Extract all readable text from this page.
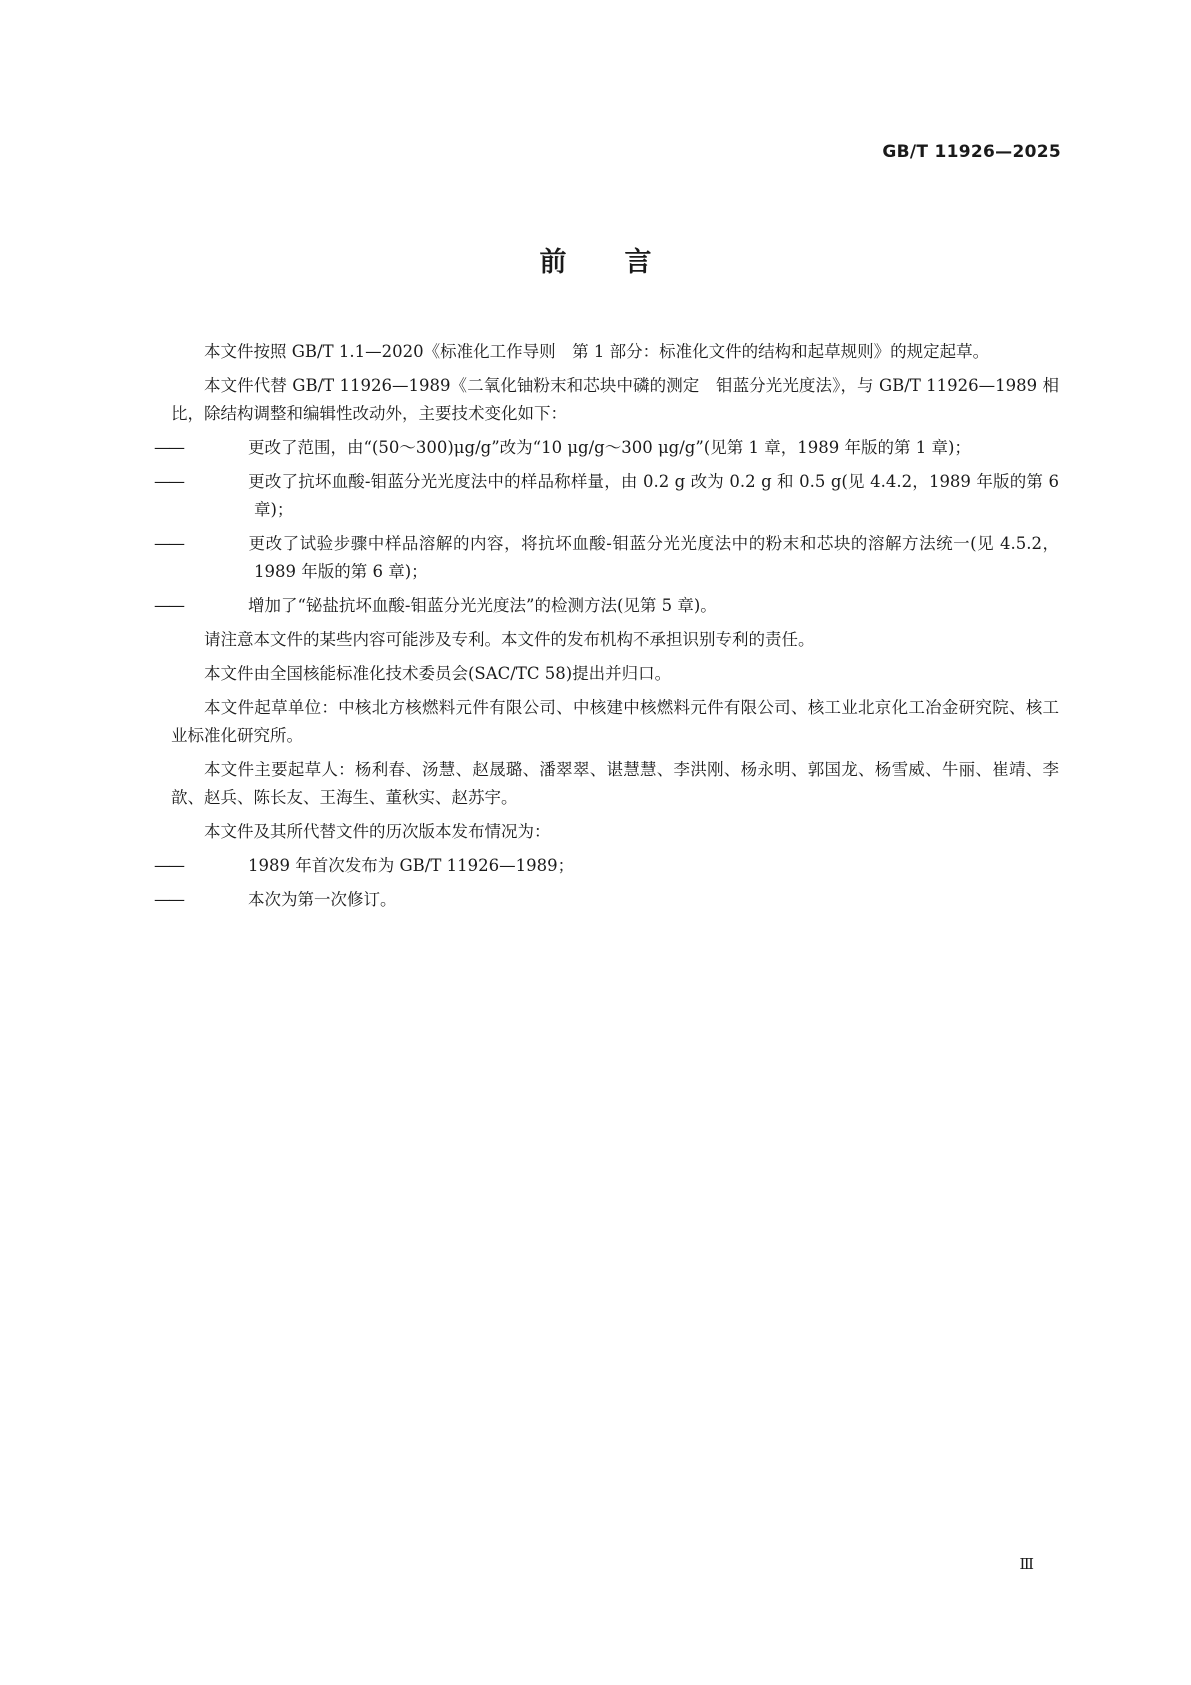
GB/T 11926—2025
前言

本文件按照 GB/T 1.1—2020《标准化工作导则　第 1 部分：标准化文件的结构和起草规则》的规定起草。

本文件代替 GB/T 11926—1989《二氧化铀粉末和芯块中磷的测定　钼蓝分光光度法》，与 GB/T 11926—1989 相比，除结构调整和编辑性改动外，主要技术变化如下：

——	更改了范围，由“(50～300)μg/g”改为“10 μg/g～300 μg/g”(见第 1 章，1989 年版的第 1 章)；

——	更改了抗坏血酸-钼蓝分光光度法中的样品称样量，由 0.2 g 改为 0.2 g 和 0.5 g(见 4.4.2，1989 年版的第 6 章)；

——	更改了试验步骤中样品溶解的内容，将抗坏血酸-钼蓝分光光度法中的粉末和芯块的溶解方法统一(见 4.5.2，1989 年版的第 6 章)；

——	增加了“铋盐抗坏血酸-钼蓝分光光度法”的检测方法(见第 5 章)。

请注意本文件的某些内容可能涉及专利。本文件的发布机构不承担识别专利的责任。

本文件由全国核能标准化技术委员会(SAC/TC 58)提出并归口。

本文件起草单位：中核北方核燃料元件有限公司、中核建中核燃料元件有限公司、核工业北京化工冶金研究院、核工业标准化研究所。

本文件主要起草人：杨利春、汤慧、赵晟璐、潘翠翠、谌慧慧、李洪刚、杨永明、郭国龙、杨雪威、牛丽、崔靖、李歆、赵兵、陈长友、王海生、董秋实、赵苏宇。

本文件及其所代替文件的历次版本发布情况为：

——	1989 年首次发布为 GB/T 11926—1989；

——	本次为第一次修订。

Ⅲ
